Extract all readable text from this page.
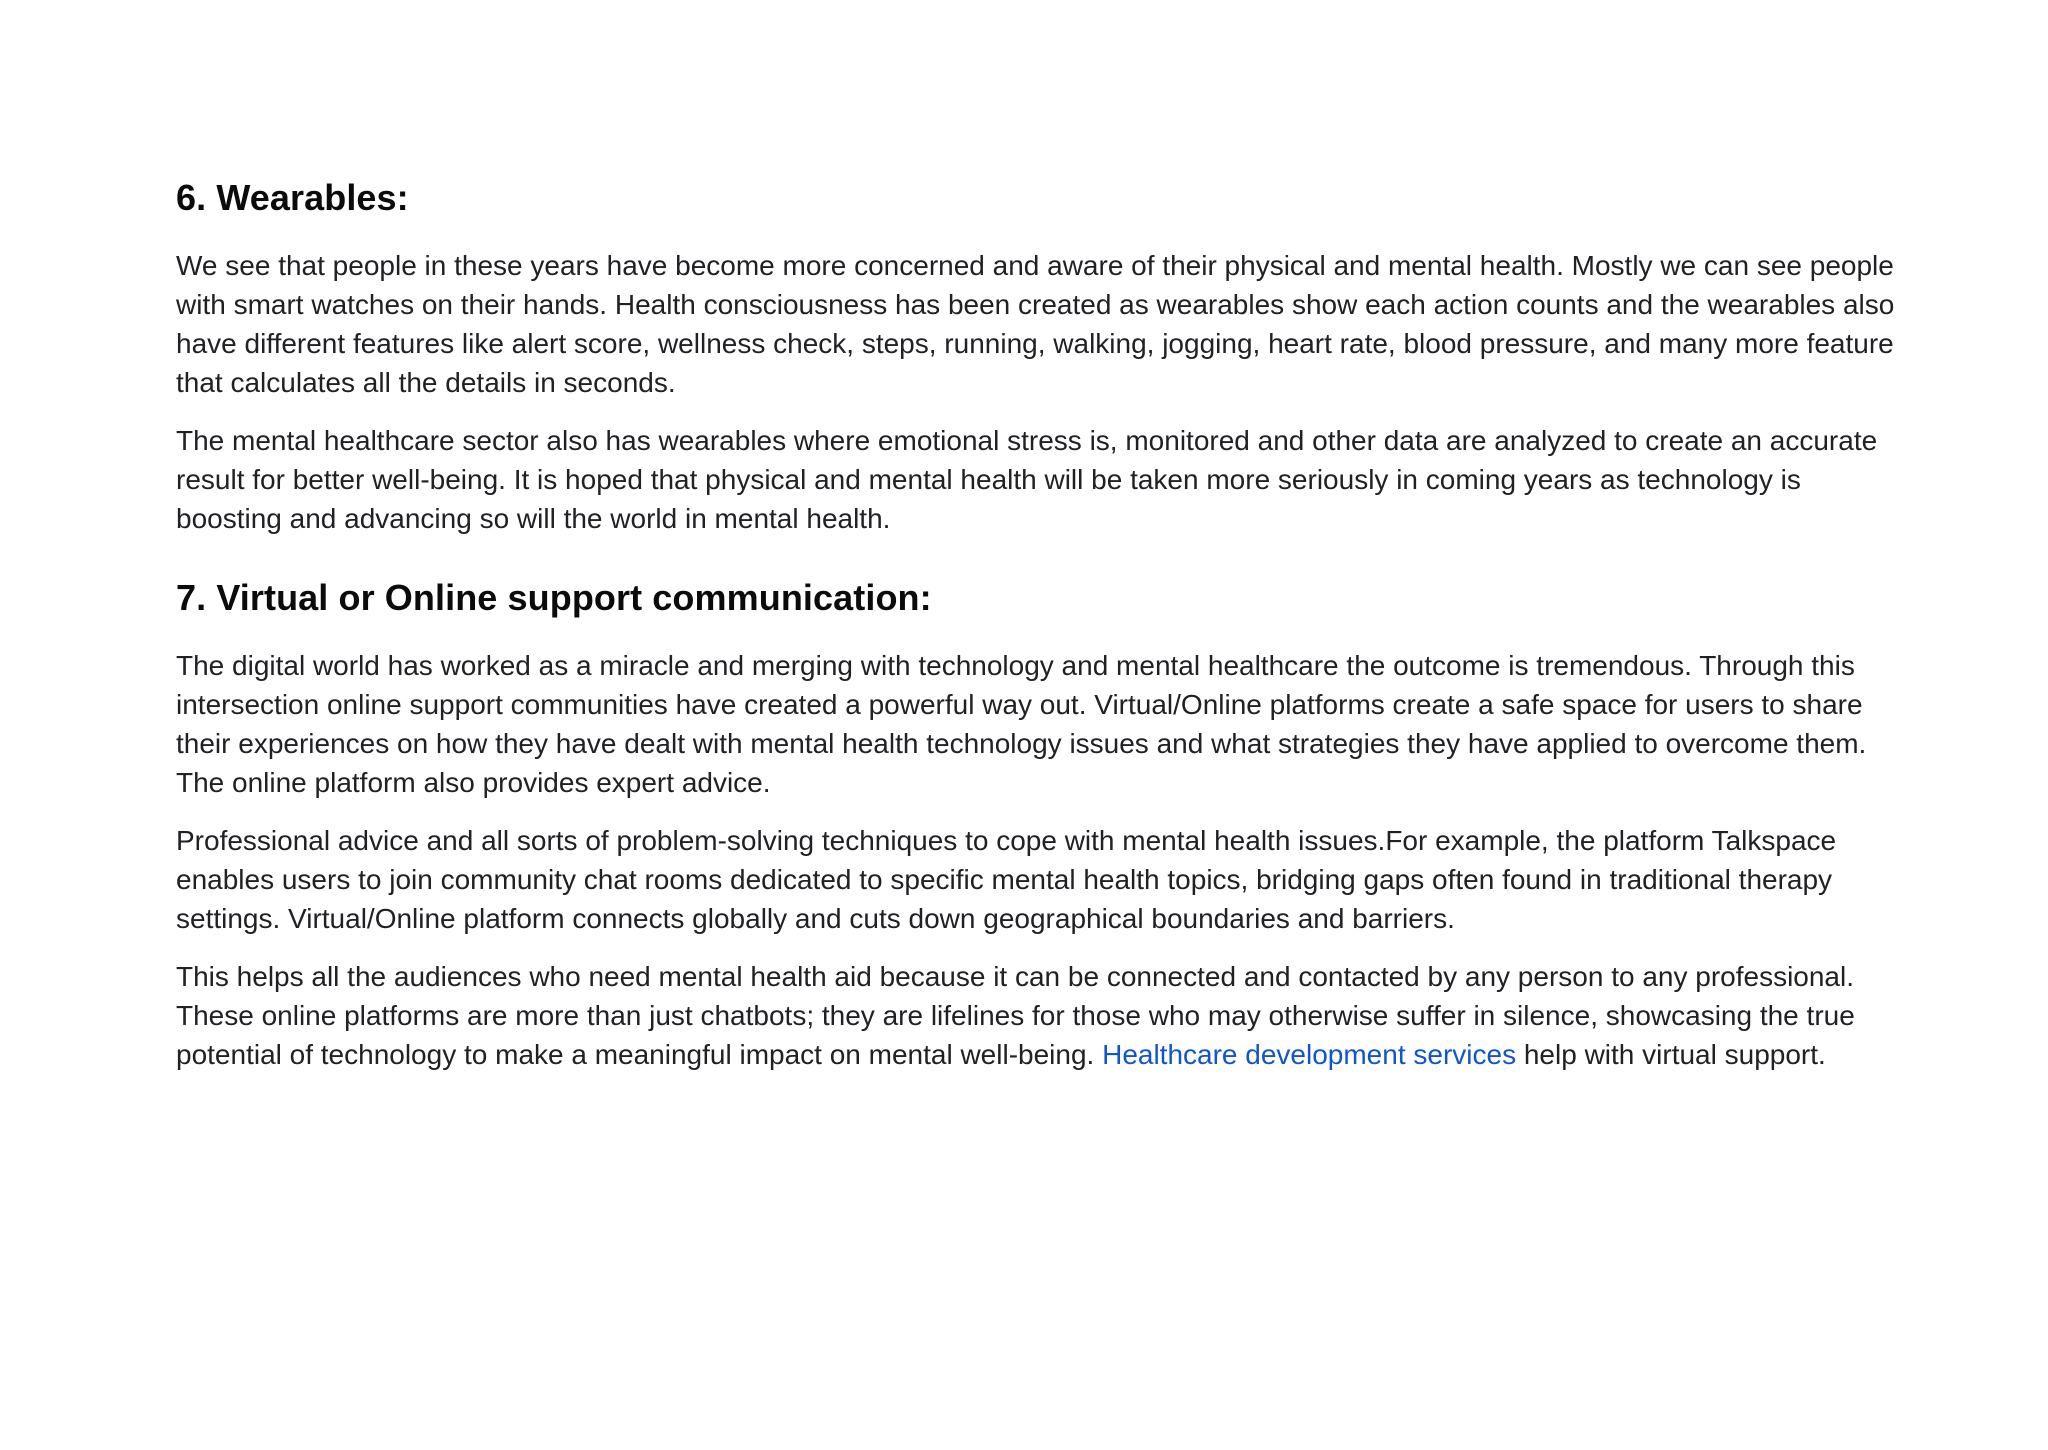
6. Wearables:

We see that people in these years have become more concerned and aware of their physical and mental health. Mostly we can see people with smart watches on their hands. Health consciousness has been created as wearables show each action counts and the wearables also have different features like alert score, wellness check, steps, running, walking, jogging, heart rate, blood pressure, and many more feature that calculates all the details in seconds.

The mental healthcare sector also has wearables where emotional stress is, monitored and other data are analyzed to create an accurate result for better well-being. It is hoped that physical and mental health will be taken more seriously in coming years as technology is boosting and advancing so will the world in mental health.

7. Virtual or Online support communication:

The digital world has worked as a miracle and merging with technology and mental healthcare the outcome is tremendous. Through this intersection online support communities have created a powerful way out. Virtual/Online platforms create a safe space for users to share their experiences on how they have dealt with mental health technology issues and what strategies they have applied to overcome them. The online platform also provides expert advice.

Professional advice and all sorts of problem-solving techniques to cope with mental health issues.For example, the platform Talkspace enables users to join community chat rooms dedicated to specific mental health topics, bridging gaps often found in traditional therapy settings. Virtual/Online platform connects globally and cuts down geographical boundaries and barriers.

This helps all the audiences who need mental health aid because it can be connected and contacted by any person to any professional. These online platforms are more than just chatbots; they are lifelines for those who may otherwise suffer in silence, showcasing the true potential of technology to make a meaningful impact on mental well-being. Healthcare development services help with virtual support.
